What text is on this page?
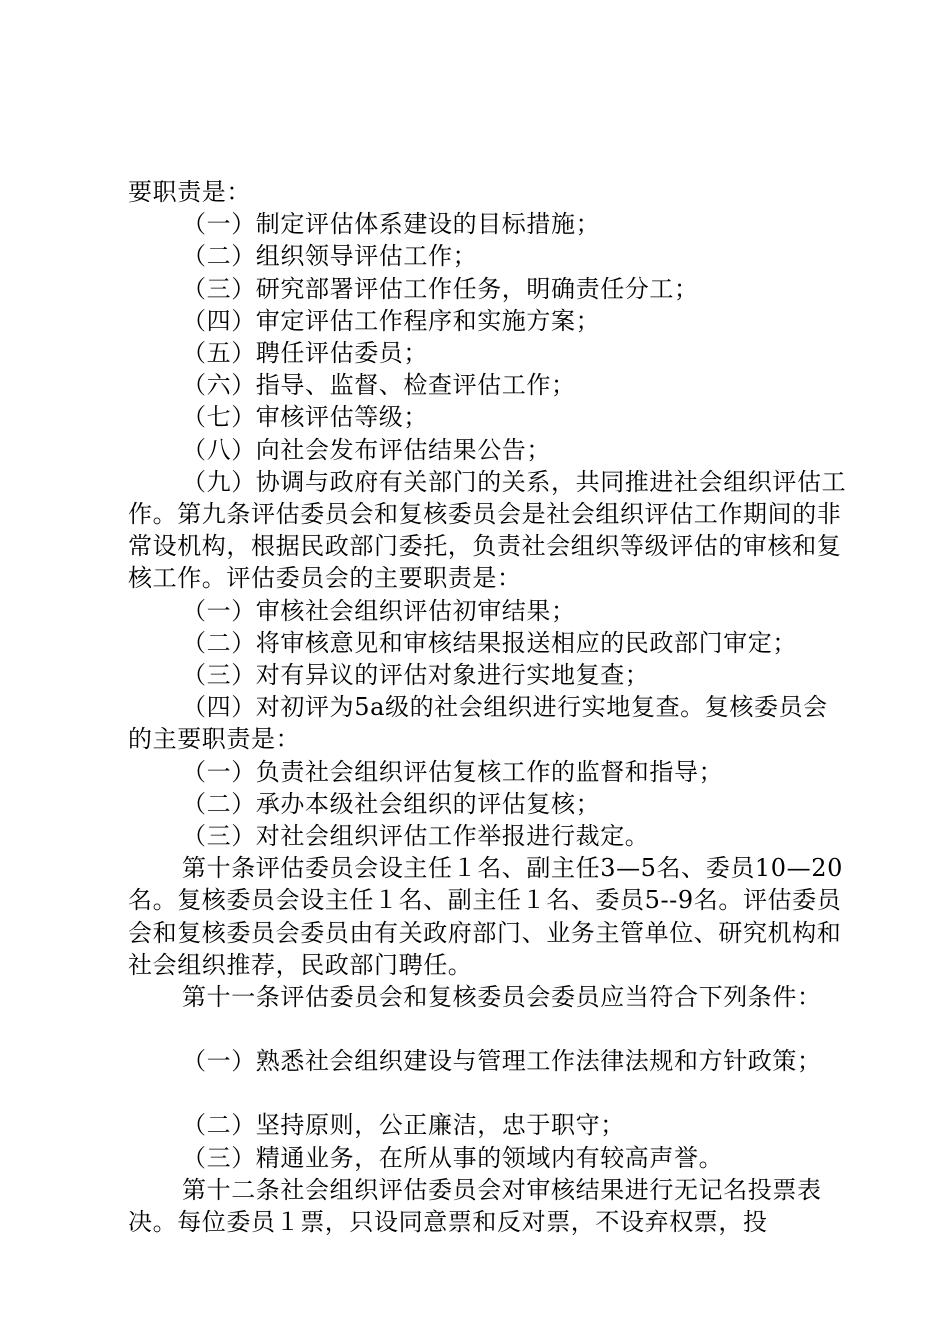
要职责是：

（一）制定评估体系建设的目标措施；

（二）组织领导评估工作；

（三）研究部署评估工作任务，明确责任分工；

（四）审定评估工作程序和实施方案；

（五）聘任评估委员；

（六）指导、监督、检查评估工作；

（七）审核评估等级；

（八）向社会发布评估结果公告；

（九）协调与政府有关部门的关系，共同推进社会组织评估工作。第九条评估委员会和复核委员会是社会组织评估工作期间的非常设机构，根据民政部门委托，负责社会组织等级评估的审核和复核工作。评估委员会的主要职责是：

（一）审核社会组织评估初审结果；

（二）将审核意见和审核结果报送相应的民政部门审定；

（三）对有异议的评估对象进行实地复查；

（四）对初评为5a级的社会组织进行实地复查。复核委员会的主要职责是：

（一）负责社会组织评估复核工作的监督和指导；

（二）承办本级社会组织的评估复核；

（三）对社会组织评估工作举报进行裁定。

第十条评估委员会设主任１名、副主任3—5名、委员10—20名。复核委员会设主任１名、副主任１名、委员5--9名。评估委员会和复核委员会委员由有关政府部门、业务主管单位、研究机构和社会组织推荐，民政部门聘任。

第十一条评估委员会和复核委员会委员应当符合下列条件：

（一）熟悉社会组织建设与管理工作法律法规和方针政策；

（二）坚持原则，公正廉洁，忠于职守；

（三）精通业务，在所从事的领域内有较高声誉。

第十二条社会组织评估委员会对审核结果进行无记名投票表决。每位委员１票，只设同意票和反对票，不设弃权票，投
